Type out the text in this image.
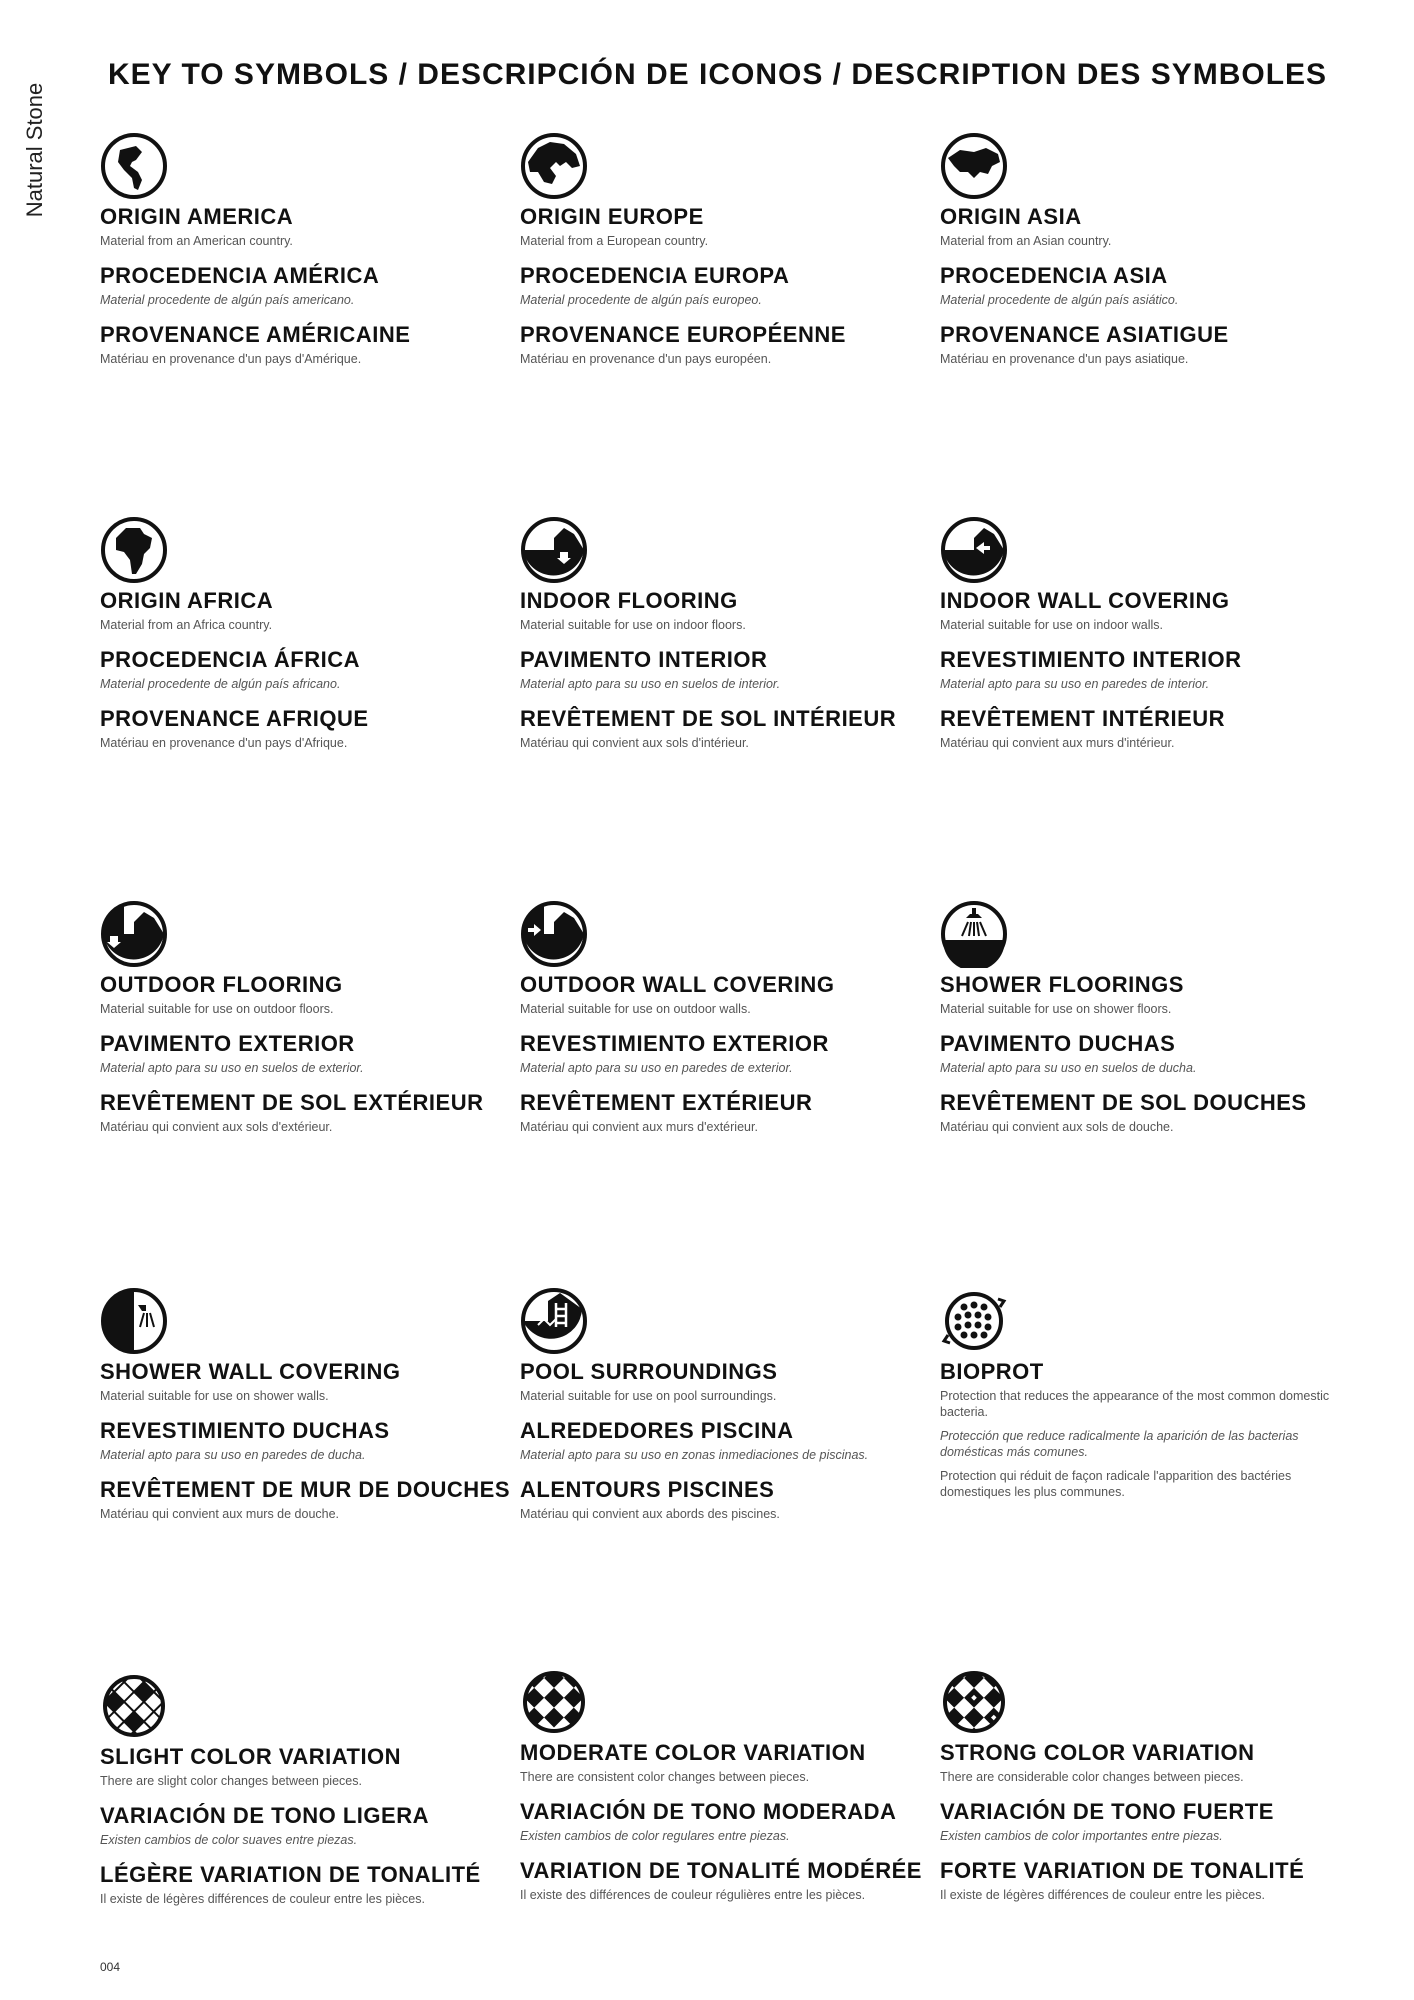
Natural Stone
KEY TO SYMBOLS / DESCRIPCIÓN DE ICONOS / DESCRIPTION DES SYMBOLES
ORIGIN AMERICA
Material from an American country.
PROCEDENCIA AMÉRICA
Material procedente de algún país americano.
PROVENANCE AMÉRICAINE
Matériau en provenance d'un pays d'Amérique.
ORIGIN EUROPE
Material from a European country.
PROCEDENCIA EUROPA
Material procedente de algún país europeo.
PROVENANCE EUROPÉENNE
Matériau en provenance d'un pays européen.
ORIGIN ASIA
Material from an Asian country.
PROCEDENCIA ASIA
Material procedente de algún país asiático.
PROVENANCE ASIATIGUE
Matériau en provenance d'un pays asiatique.
ORIGIN AFRICA
Material from an Africa country.
PROCEDENCIA ÁFRICA
Material procedente de algún país africano.
PROVENANCE AFRIQUE
Matériau en provenance d'un pays d'Afrique.
INDOOR FLOORING
Material suitable for use on indoor floors.
PAVIMENTO INTERIOR
Material apto para su uso en suelos de interior.
REVÊTEMENT DE SOL INTÉRIEUR
Matériau qui convient aux sols d'intérieur.
INDOOR WALL COVERING
Material suitable for use on indoor walls.
REVESTIMIENTO INTERIOR
Material apto para su uso en paredes de interior.
REVÊTEMENT INTÉRIEUR
Matériau qui convient aux murs d'intérieur.
OUTDOOR FLOORING
Material suitable for use on outdoor floors.
PAVIMENTO EXTERIOR
Material apto para su uso en suelos de exterior.
REVÊTEMENT DE SOL EXTÉRIEUR
Matériau qui convient aux sols d'extérieur.
OUTDOOR WALL COVERING
Material suitable for use on outdoor walls.
REVESTIMIENTO EXTERIOR
Material apto para su uso en paredes de exterior.
REVÊTEMENT EXTÉRIEUR
Matériau qui convient aux murs d'extérieur.
SHOWER FLOORINGS
Material suitable for use on shower floors.
PAVIMENTO DUCHAS
Material apto para su uso en suelos de ducha.
REVÊTEMENT DE SOL DOUCHES
Matériau qui convient aux sols de douche.
SHOWER WALL COVERING
Material suitable for use on shower walls.
REVESTIMIENTO DUCHAS
Material apto para su uso en paredes de ducha.
REVÊTEMENT DE MUR DE DOUCHES
Matériau qui convient aux murs de douche.
POOL SURROUNDINGS
Material suitable for use on pool surroundings.
ALREDEDORES PISCINA
Material apto para su uso en zonas inmediaciones de piscinas.
ALENTOURS PISCINES
Matériau qui convient aux abords des piscines.
BIOPROT
Protection that reduces the appearance of the most common domestic bacteria.
Protección que reduce radicalmente la aparición de las bacterias domésticas más comunes.
Protection qui réduit de façon radicale l'apparition des bactéries domestiques les plus communes.
SLIGHT COLOR VARIATION
There are slight color changes between pieces.
VARIACIÓN DE TONO LIGERA
Existen cambios de color suaves entre piezas.
LÉGÈRE VARIATION DE TONALITÉ
Il existe de légères différences de couleur entre les pièces.
MODERATE COLOR VARIATION
There are consistent color changes between pieces.
VARIACIÓN DE TONO MODERADA
Existen cambios de color regulares entre piezas.
VARIATION DE TONALITÉ MODÉRÉE
Il existe des différences de couleur régulières entre les pièces.
STRONG COLOR VARIATION
There are considerable color changes between pieces.
VARIACIÓN DE TONO FUERTE
Existen cambios de color importantes entre piezas.
FORTE VARIATION DE TONALITÉ
Il existe de légères différences de couleur entre les pièces.
004
